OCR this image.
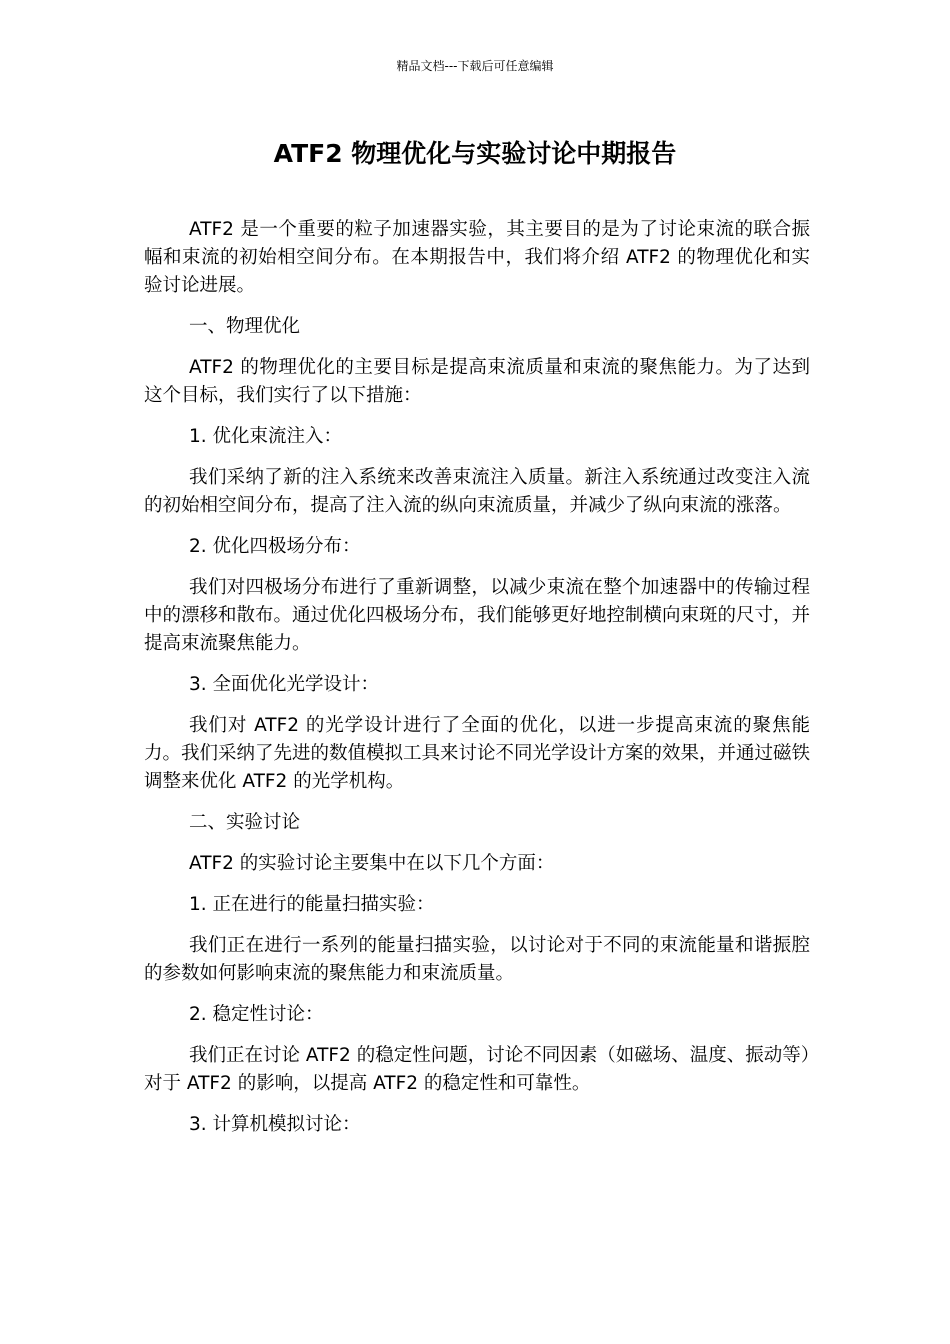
精品文档---下载后可任意编辑
ATF2 物理优化与实验讨论中期报告

ATF2 是一个重要的粒子加速器实验，其主要目的是为了讨论束流的联合振幅和束流的初始相空间分布。在本期报告中，我们将介绍 ATF2 的物理优化和实验讨论进展。

一、物理优化

ATF2 的物理优化的主要目标是提高束流质量和束流的聚焦能力。为了达到这个目标，我们实行了以下措施：

1. 优化束流注入：

我们采纳了新的注入系统来改善束流注入质量。新注入系统通过改变注入流的初始相空间分布，提高了注入流的纵向束流质量，并减少了纵向束流的涨落。

2. 优化四极场分布：

我们对四极场分布进行了重新调整，以减少束流在整个加速器中的传输过程中的漂移和散布。通过优化四极场分布，我们能够更好地控制横向束斑的尺寸，并提高束流聚焦能力。

3. 全面优化光学设计：

我们对 ATF2 的光学设计进行了全面的优化，以进一步提高束流的聚焦能力。我们采纳了先进的数值模拟工具来讨论不同光学设计方案的效果，并通过磁铁调整来优化 ATF2 的光学机构。

二、实验讨论

ATF2 的实验讨论主要集中在以下几个方面：

1. 正在进行的能量扫描实验：

我们正在进行一系列的能量扫描实验，以讨论对于不同的束流能量和谐振腔的参数如何影响束流的聚焦能力和束流质量。

2. 稳定性讨论：

我们正在讨论 ATF2 的稳定性问题，讨论不同因素（如磁场、温度、振动等）对于 ATF2 的影响，以提高 ATF2 的稳定性和可靠性。

3. 计算机模拟讨论：
